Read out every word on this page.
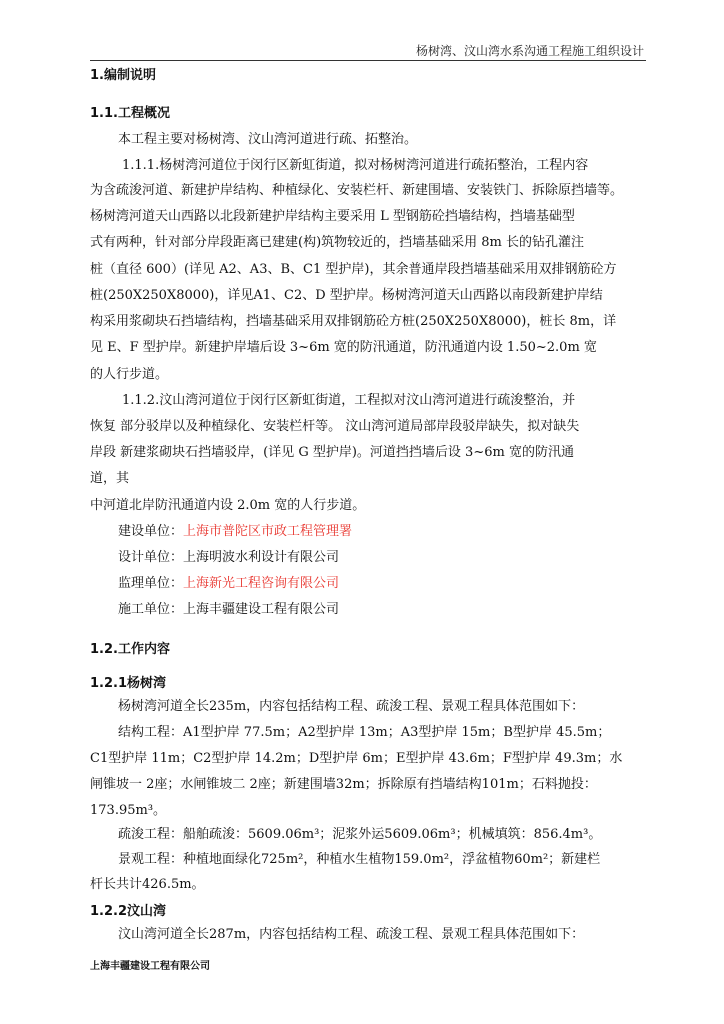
杨树湾、汶山湾水系沟通工程施工组织设计
1.编制说明
1.1.工程概况
本工程主要对杨树湾、汶山湾河道进行疏、拓整治。
1.1.1.杨树湾河道位于闵行区新虹街道，拟对杨树湾河道进行疏拓整治，工程内容
为含疏浚河道、新建护岸结构、种植绿化、安装栏杆、新建围墙、安装铁门、拆除原挡墙等。
杨树湾河道天山西路以北段新建护岸结构主要采用 L 型钢筋砼挡墙结构，挡墙基础型
式有两种，针对部分岸段距离已建建(构)筑物较近的，挡墙基础采用 8m 长的钻孔灌注
桩（直径 600）(详见 A2、A3、B、C1 型护岸)，其余普通岸段挡墙基础采用双排钢筋砼方
桩(250X250X8000)，详见A1、C2、D 型护岸。杨树湾河道天山西路以南段新建护岸结
构采用浆砌块石挡墙结构，挡墙基础采用双排钢筋砼方桩(250X250X8000)，桩长 8m，详
见 E、F 型护岸。新建护岸墙后设 3~6m 宽的防汛通道，防汛通道内设 1.50~2.0m 宽
的人行步道。
1.1.2.汶山湾河道位于闵行区新虹街道，工程拟对汶山湾河道进行疏浚整治，并
恢复 部分驳岸以及种植绿化、安装栏杆等。 汶山湾河道局部岸段驳岸缺失，拟对缺失
岸段 新建浆砌块石挡墙驳岸，(详见 G 型护岸)。河道挡挡墙后设 3~6m 宽的防汛通
道，其
中河道北岸防汛通道内设 2.0m 宽的人行步道。
建设单位：上海市普陀区市政工程管理署
设计单位：上海明波水利设计有限公司
监理单位：上海新光工程咨询有限公司
施工单位：上海丰疆建设工程有限公司
1.2.工作内容
1.2.1杨树湾
杨树湾河道全长235m，内容包括结构工程、疏浚工程、景观工程具体范围如下：
结构工程：A1型护岸 77.5m；A2型护岸 13m；A3型护岸 15m；B型护岸 45.5m；
C1型护岸 11m；C2型护岸 14.2m；D型护岸 6m；E型护岸 43.6m；F型护岸 49.3m；水
闸锥坡一 2座；水闸锥坡二 2座；新建围墙32m；拆除原有挡墙结构101m；石料抛投：
173.95m³。
疏浚工程：船舶疏浚：5609.06m³；泥浆外运5609.06m³；机械填筑：856.4m³。
景观工程：种植地面绿化725m²，种植水生植物159.0m²，浮盆植物60m²；新建栏
杆长共计426.5m。
1.2.2汶山湾
汶山湾河道全长287m，内容包括结构工程、疏浚工程、景观工程具体范围如下：
上海丰疆建设工程有限公司
